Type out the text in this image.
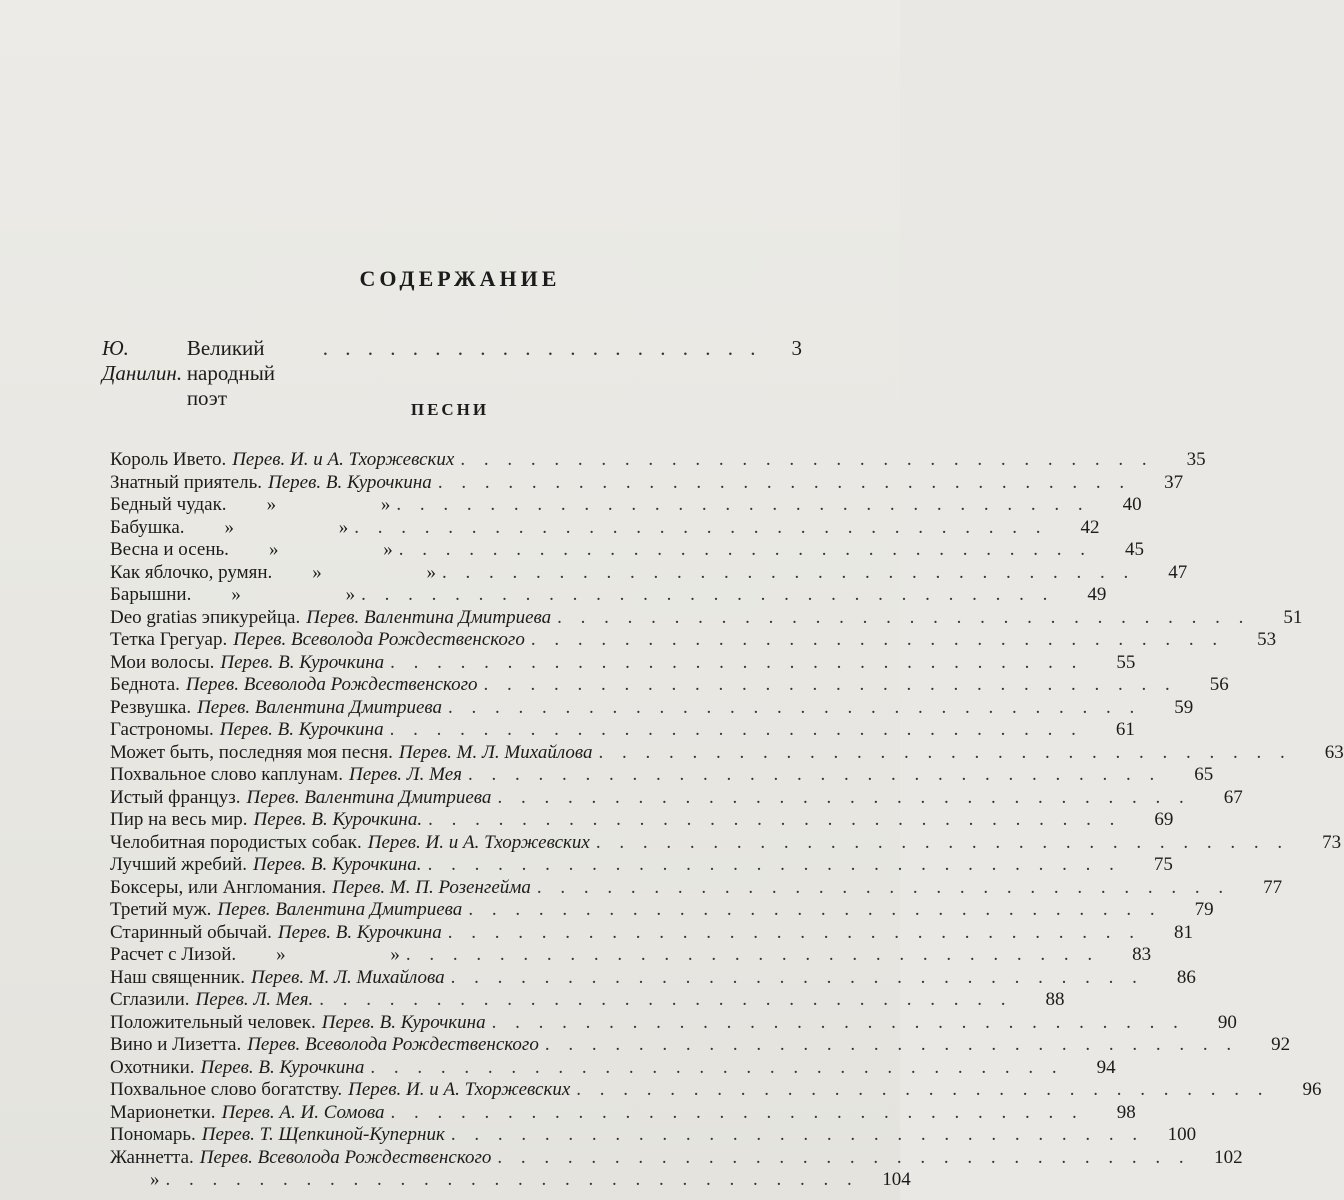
СОДЕРЖАНИЕ
Ю. Данилин.
Великий народный поэт
. . . . . . . . . . . . . . . . . . . . 3
ПЕСНИ
Король Ивето. Перев. И. и А. Тхоржевских . . . . . . . . . . . . . . . . . . . . . . . . . . . . . .	35
Знатный приятель. Перев. В. Курочкина . . . . . . . . . . . . . . . . . . . . . . . . . . . . . .	37
Бедный чудак. » » . . . . . . . . . . . . . . . . . . . . . . . . . . . . . .	40
Бабушка. » » . . . . . . . . . . . . . . . . . . . . . . . . . . . . . .	42
Весна и осень. » » . . . . . . . . . . . . . . . . . . . . . . . . . . . . . .	45
Как яблочко, румян. » » . . . . . . . . . . . . . . . . . . . . . . . . . . . . . .	47
Барышни. » » . . . . . . . . . . . . . . . . . . . . . . . . . . . . . .	49
Deo gratias эпикурейца. Перев. Валентина Дмитриева . . . . . . . . . . . . . . . . . . . . . . . . . . . . . .	51
Тетка Грегуар. Перев. Всеволода Рождественского . . . . . . . . . . . . . . . . . . . . . . . . . . . . . .	53
Мои волосы. Перев. В. Курочкина . . . . . . . . . . . . . . . . . . . . . . . . . . . . . .	55
Беднота. Перев. Всеволода Рождественского . . . . . . . . . . . . . . . . . . . . . . . . . . . . . .	56
Резвушка. Перев. Валентина Дмитриева . . . . . . . . . . . . . . . . . . . . . . . . . . . . . .	59
Гастрономы. Перев. В. Курочкина . . . . . . . . . . . . . . . . . . . . . . . . . . . . . .	61
Может быть, последняя моя песня. Перев. М. Л. Михайлова . . . . . . . . . . . . . . . . . . . . . . . . . . . . . .	63
Похвальное слово каплунам. Перев. Л. Мея . . . . . . . . . . . . . . . . . . . . . . . . . . . . . .	65
Истый француз. Перев. Валентина Дмитриева . . . . . . . . . . . . . . . . . . . . . . . . . . . . . .	67
Пир на весь мир. Перев. В. Курочкина. . . . . . . . . . . . . . . . . . . . . . . . . . . . . . .	69
Челобитная породистых собак. Перев. И. и А. Тхоржевских . . . . . . . . . . . . . . . . . . . . . . . . . . . . . .	73
Лучший жребий. Перев. В. Курочкина. . . . . . . . . . . . . . . . . . . . . . . . . . . . . . .	75
Боксеры, или Англомания. Перев. М. П. Розенгейма . . . . . . . . . . . . . . . . . . . . . . . . . . . . . .	77
Третий муж. Перев. Валентина Дмитриева . . . . . . . . . . . . . . . . . . . . . . . . . . . . . .	79
Старинный обычай. Перев. В. Курочкина . . . . . . . . . . . . . . . . . . . . . . . . . . . . . .	81
Расчет с Лизой. » » . . . . . . . . . . . . . . . . . . . . . . . . . . . . . .	83
Наш священник. Перев. М. Л. Михайлова . . . . . . . . . . . . . . . . . . . . . . . . . . . . . .	86
Сглазили. Перев. Л. Мея. . . . . . . . . . . . . . . . . . . . . . . . . . . . . . .	88
Положительный человек. Перев. В. Курочкина . . . . . . . . . . . . . . . . . . . . . . . . . . . . . .	90
Вино и Лизетта. Перев. Всеволода Рождественского . . . . . . . . . . . . . . . . . . . . . . . . . . . . . .	92
Охотники. Перев. В. Курочкина . . . . . . . . . . . . . . . . . . . . . . . . . . . . . .	94
Похвальное слово богатству. Перев. И. и А. Тхоржевских . . . . . . . . . . . . . . . . . . . . . . . . . . . . . .	96
Марионетки. Перев. А. И. Сомова . . . . . . . . . . . . . . . . . . . . . . . . . . . . . .	98
Пономарь. Перев. Т. Щепкиной-Куперник . . . . . . . . . . . . . . . . . . . . . . . . . . . . . .	100
Жаннетта. Перев. Всеволода Рождественского . . . . . . . . . . . . . . . . . . . . . . . . . . . . . .	102
» . . . . . . . . . . . . . . . . . . . . . . . . . . . . . .	104
